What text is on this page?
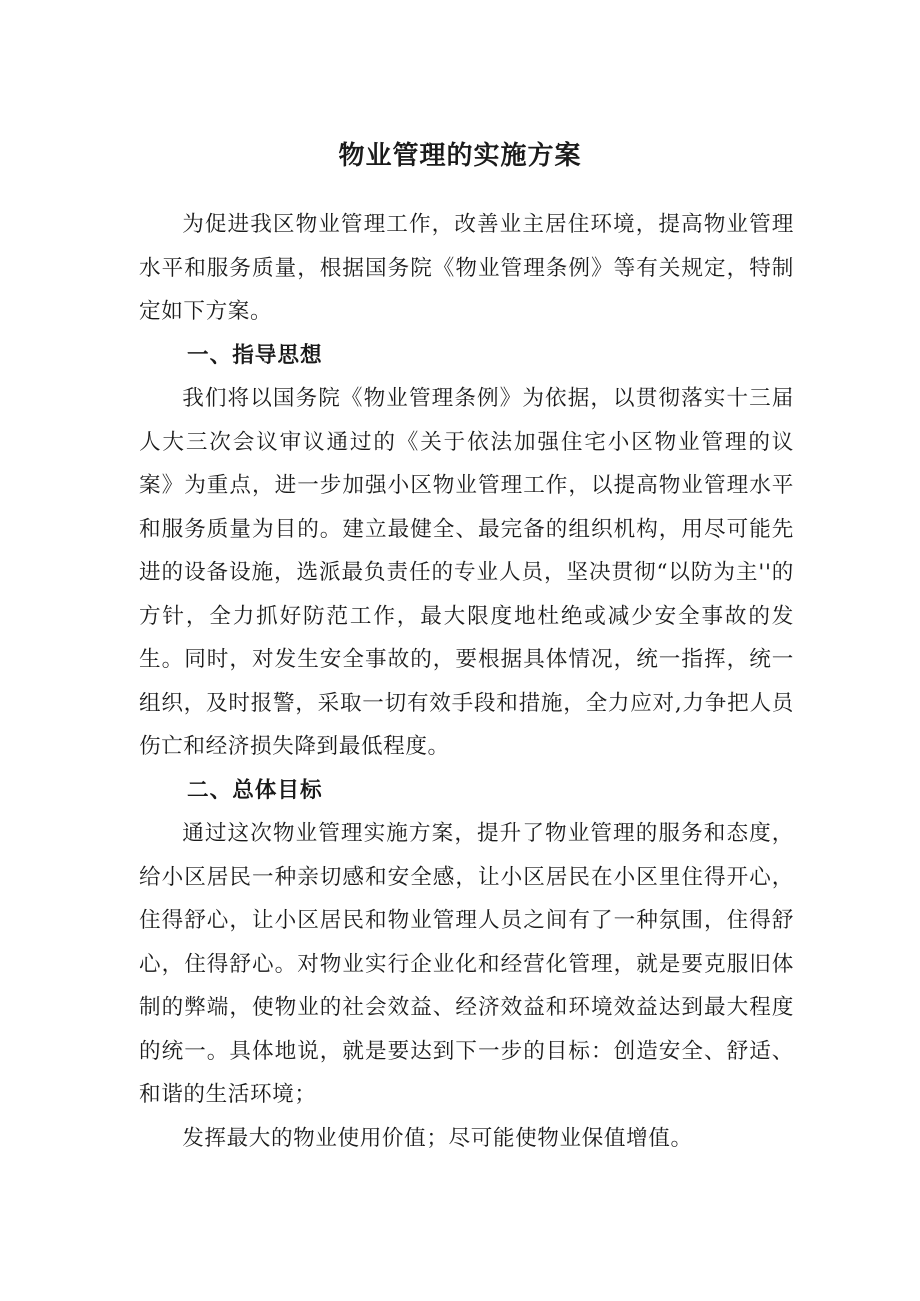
物业管理的实施方案

为促进我区物业管理工作，改善业主居住环境，提高物业管理水平和服务质量，根据国务院《物业管理条例》等有关规定，特制定如下方案。

一、指导思想

我们将以国务院《物业管理条例》为依据，以贯彻落实十三届人大三次会议审议通过的《关于依法加强住宅小区物业管理的议案》为重点，进一步加强小区物业管理工作，以提高物业管理水平和服务质量为目的。建立最健全、最完备的组织机构，用尽可能先进的设备设施，选派最负责任的专业人员，坚决贯彻“以防为主''的方针，全力抓好防范工作，最大限度地杜绝或减少安全事故的发生。同时，对发生安全事故的，要根据具体情况，统一指挥，统一组织，及时报警，采取一切有效手段和措施，全力应对,力争把人员伤亡和经济损失降到最低程度。

二、总体目标

通过这次物业管理实施方案，提升了物业管理的服务和态度，给小区居民一种亲切感和安全感，让小区居民在小区里住得开心，住得舒心，让小区居民和物业管理人员之间有了一种氛围，住得舒心，住得舒心。对物业实行企业化和经营化管理，就是要克服旧体制的弊端，使物业的社会效益、经济效益和环境效益达到最大程度的统一。具体地说，就是要达到下一步的目标：创造安全、舒适、和谐的生活环境；

发挥最大的物业使用价值；尽可能使物业保值增值。
